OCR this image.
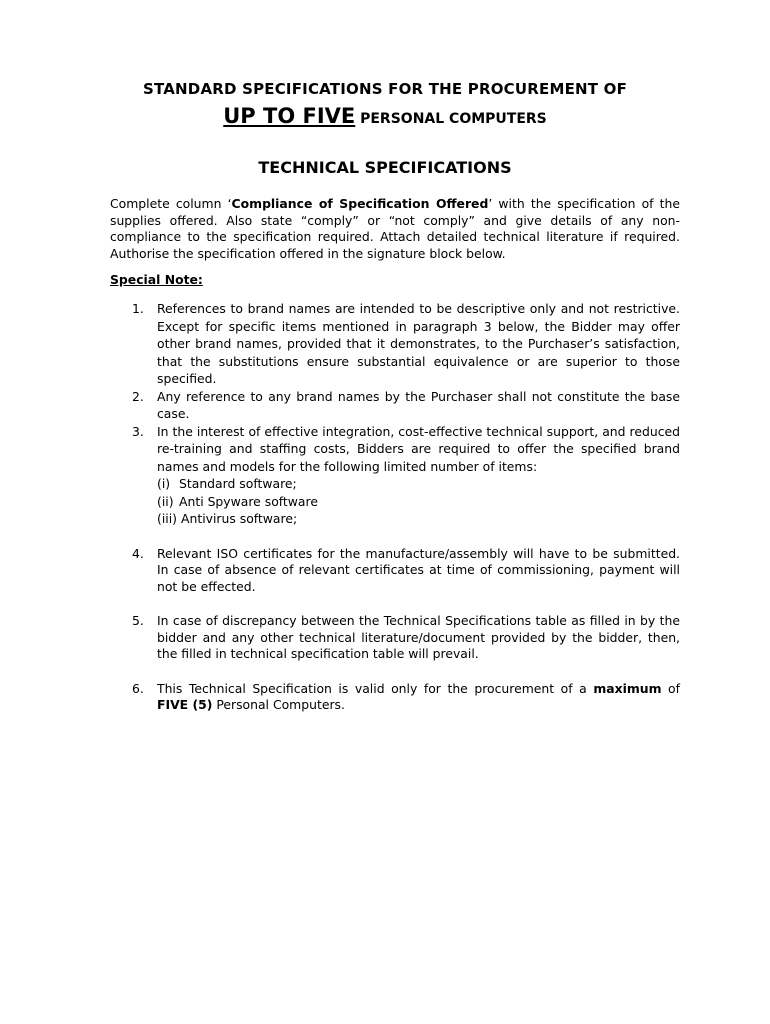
STANDARD SPECIFICATIONS FOR THE PROCUREMENT OF
UP TO FIVE PERSONAL COMPUTERS
TECHNICAL SPECIFICATIONS

Complete column ‘Compliance of Specification Offered’ with the specification of the supplies offered. Also state “comply” or “not comply” and give details of any non-compliance to the specification required. Attach detailed technical literature if required. Authorise the specification offered in the signature block below.

Special Note:
1. References to brand names are intended to be descriptive only and not restrictive. Except for specific items mentioned in paragraph 3 below, the Bidder may offer other brand names, provided that it demonstrates, to the Purchaser’s satisfaction, that the substitutions ensure substantial equivalence or are superior to those specified.
2. Any reference to any brand names by the Purchaser shall not constitute the base case.
3. In the interest of effective integration, cost-effective technical support, and reduced re-training and staffing costs, Bidders are required to offer the specified brand names and models for the following limited number of items:
(i) Standard software;
(ii) Anti Spyware software
(iii) Antivirus software;
4. Relevant ISO certificates for the manufacture/assembly will have to be submitted. In case of absence of relevant certificates at time of commissioning, payment will not be effected.
5. In case of discrepancy between the Technical Specifications table as filled in by the bidder and any other technical literature/document provided by the bidder, then, the filled in technical specification table will prevail.
6. This Technical Specification is valid only for the procurement of a maximum of FIVE (5) Personal Computers.
